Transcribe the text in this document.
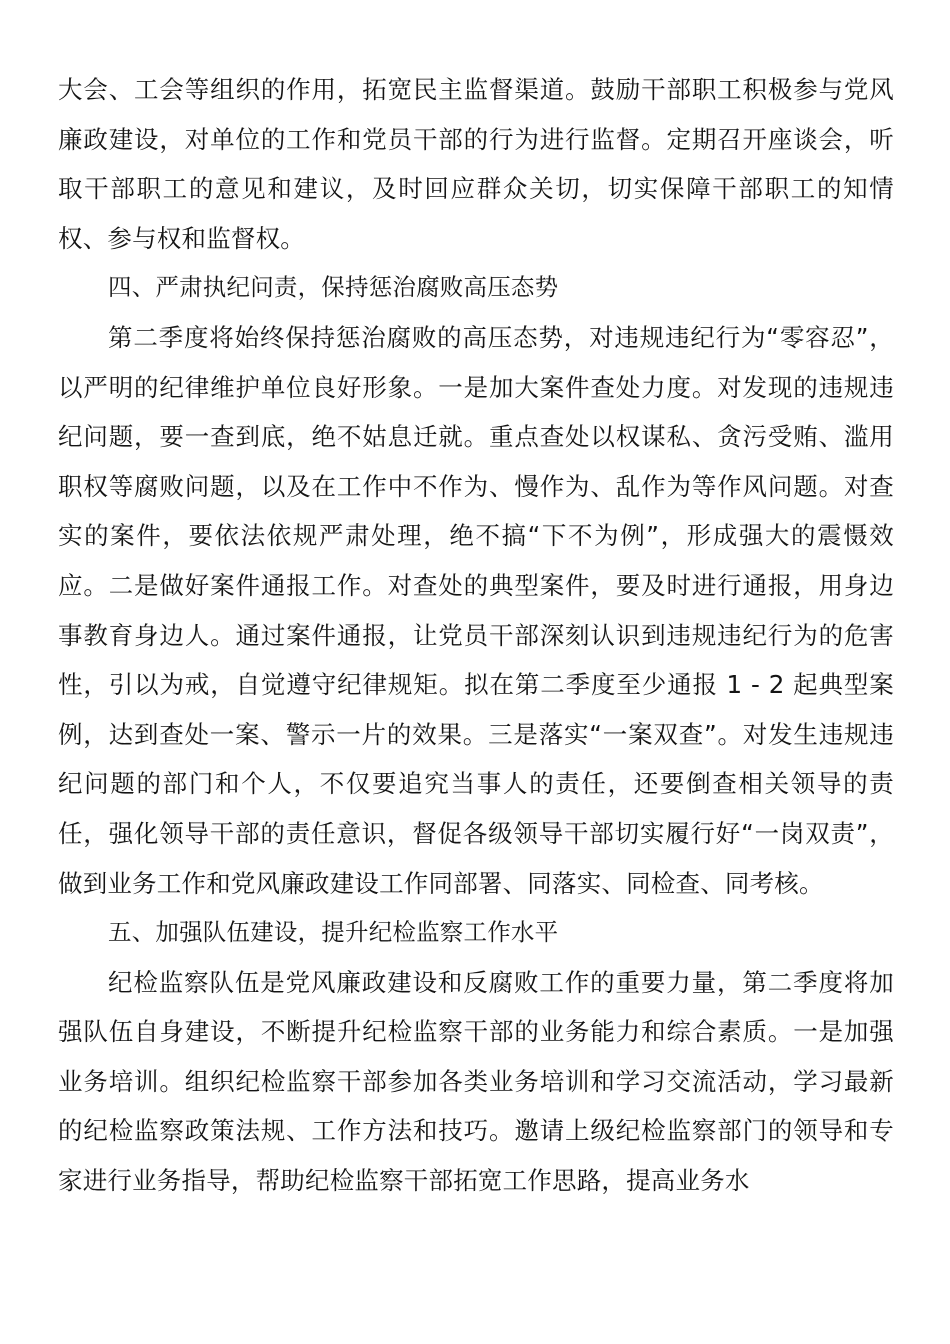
大会、工会等组织的作用，拓宽民主监督渠道。鼓励干部职工积极参与党风廉政建设，对单位的工作和党员干部的行为进行监督。定期召开座谈会，听取干部职工的意见和建议，及时回应群众关切，切实保障干部职工的知情权、参与权和监督权。

四、严肃执纪问责，保持惩治腐败高压态势

第二季度将始终保持惩治腐败的高压态势，对违规违纪行为“零容忍”，以严明的纪律维护单位良好形象。一是加大案件查处力度。对发现的违规违纪问题，要一查到底，绝不姑息迁就。重点查处以权谋私、贪污受贿、滥用职权等腐败问题，以及在工作中不作为、慢作为、乱作为等作风问题。对查实的案件，要依法依规严肃处理，绝不搞“下不为例”，形成强大的震慑效应。二是做好案件通报工作。对查处的典型案件，要及时进行通报，用身边事教育身边人。通过案件通报，让党员干部深刻认识到违规违纪行为的危害性，引以为戒，自觉遵守纪律规矩。拟在第二季度至少通报 1 - 2 起典型案例，达到查处一案、警示一片的效果。三是落实“一案双查”。对发生违规违纪问题的部门和个人，不仅要追究当事人的责任，还要倒查相关领导的责任，强化领导干部的责任意识，督促各级领导干部切实履行好“一岗双责”，做到业务工作和党风廉政建设工作同部署、同落实、同检查、同考核。

五、加强队伍建设，提升纪检监察工作水平

纪检监察队伍是党风廉政建设和反腐败工作的重要力量，第二季度将加强队伍自身建设，不断提升纪检监察干部的业务能力和综合素质。一是加强业务培训。组织纪检监察干部参加各类业务培训和学习交流活动，学习最新的纪检监察政策法规、工作方法和技巧。邀请上级纪检监察部门的领导和专家进行业务指导，帮助纪检监察干部拓宽工作思路，提高业务水
